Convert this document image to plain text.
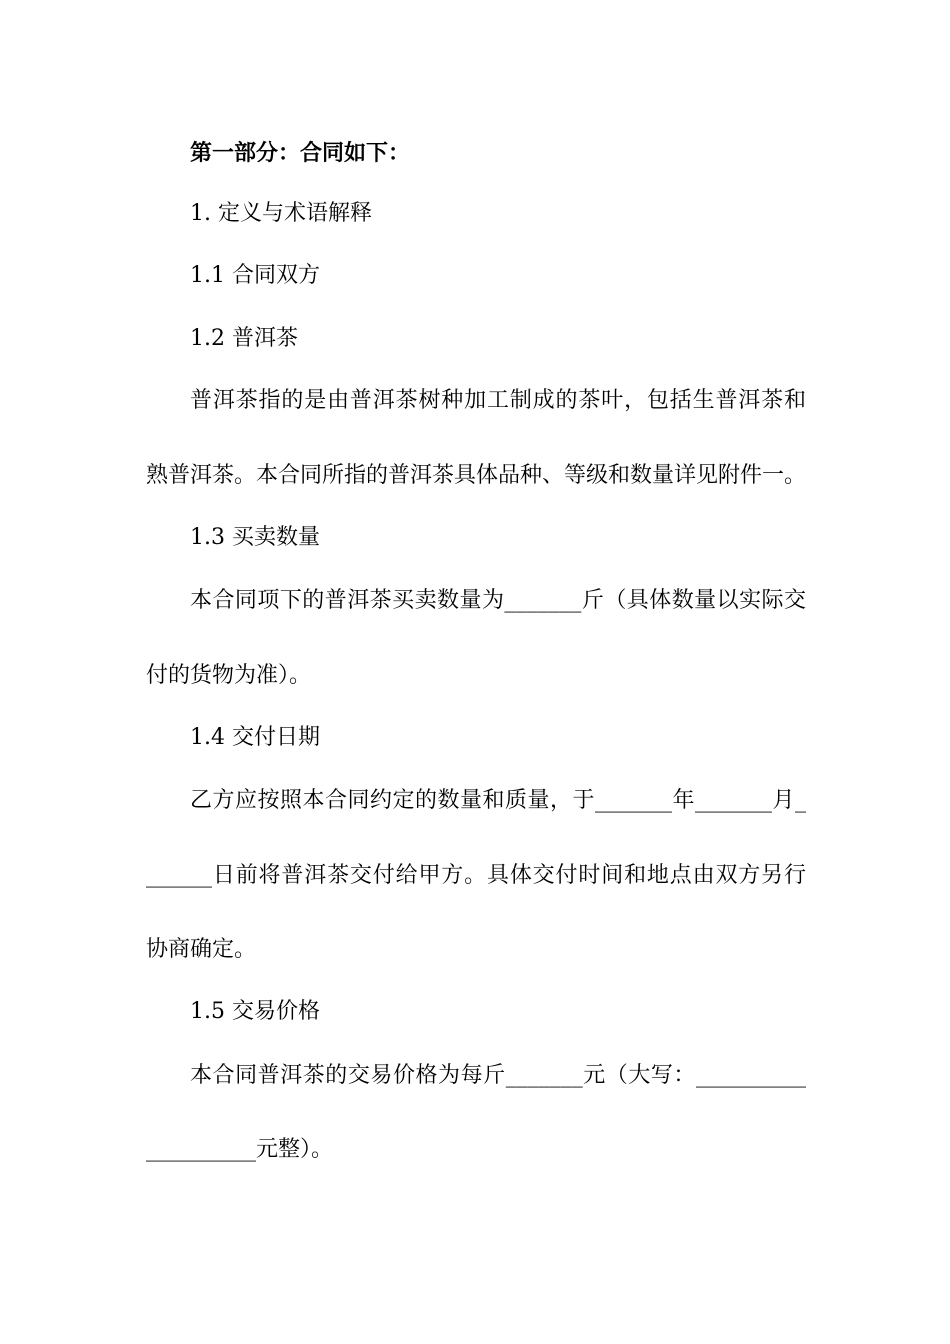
第一部分：合同如下：
1. 定义与术语解释
1.1 合同双方
1.2 普洱茶
普洱茶指的是由普洱茶树种加工制成的茶叶，包括生普洱茶和
熟普洱茶。本合同所指的普洱茶具体品种、等级和数量详见附件一。
1.3 买卖数量
本合同项下的普洱茶买卖数量为_______斤（具体数量以实际交
付的货物为准）。
1.4 交付日期
乙方应按照本合同约定的数量和质量，于_______年_______月_
______日前将普洱茶交付给甲方。具体交付时间和地点由双方另行
协商确定。
1.5 交易价格
本合同普洱茶的交易价格为每斤_______元（大写：__________
__________元整）。
